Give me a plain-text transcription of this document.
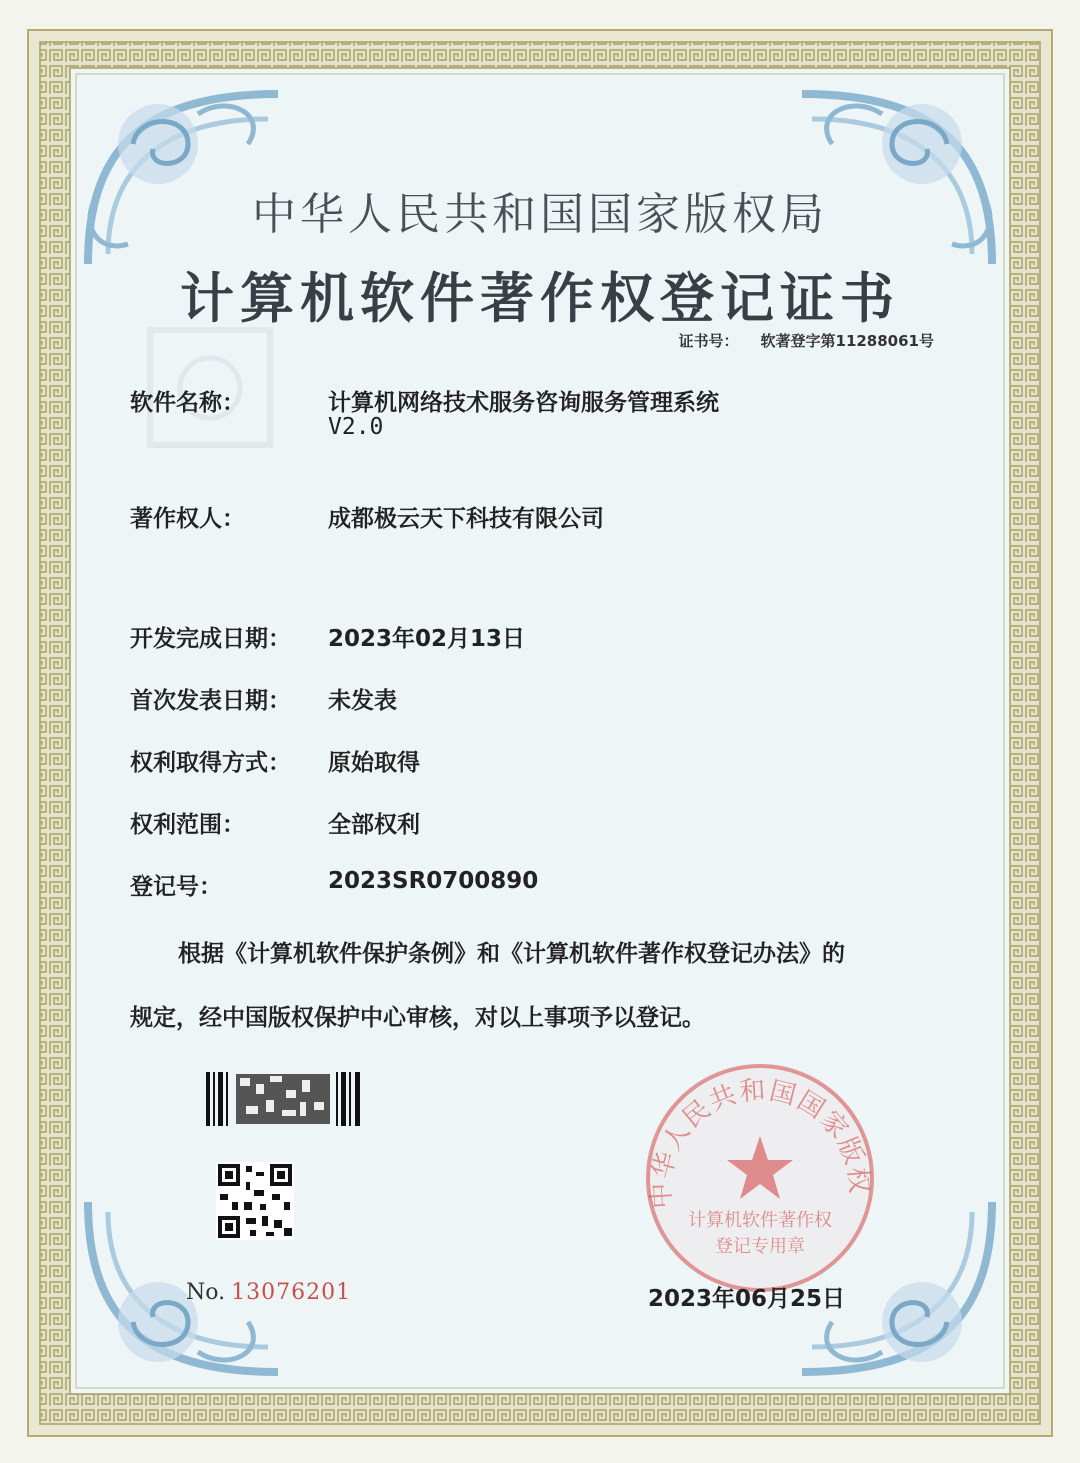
中华人民共和国国家版权局
计算机软件著作权登记证书
证书号： 软著登字第11288061号
软件名称：	计算机网络技术服务咨询服务管理系统
V2.0
著作权人：	成都极云天下科技有限公司
开发完成日期：	2023年02月13日
首次发表日期：	未发表
权利取得方式：	原始取得
权利范围：	全部权利
登记号：	2023SR0700890
根据《计算机软件保护条例》和《计算机软件著作权登记办法》的
规定，经中国版权保护中心审核，对以上事项予以登记。
No. 13076201
中华人民共和国国家版权
计算机软件著作权
登记专用章
2023年06月25日
